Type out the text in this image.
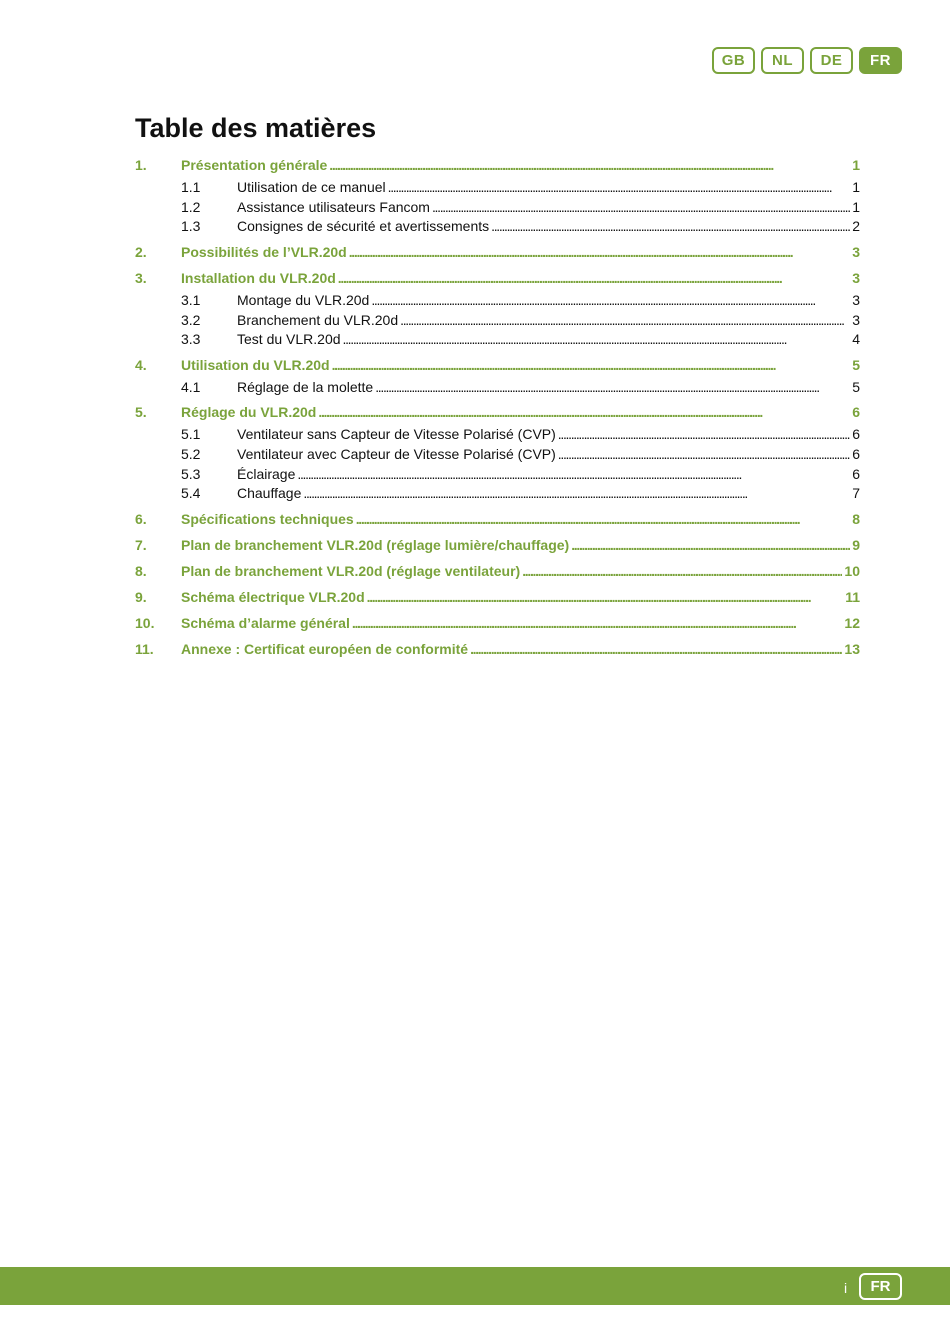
GB	NL	DE	FR
Table des matières
1.	Présentation générale . . .	1
1.1	Utilisation de ce manuel . . .	1
1.2	Assistance utilisateurs Fancom . . .	1
1.3	Consignes de sécurité et avertissements . . .	2
2.	Possibilités de l’VLR.20d . . .	3
3.	Installation du VLR.20d . . .	3
3.1	Montage du VLR.20d . . .	3
3.2	Branchement du VLR.20d . . .	3
3.3	Test du VLR.20d . . .	4
4.	Utilisation du VLR.20d . . .	5
4.1	Réglage de la molette . . .	5
5.	Réglage du VLR.20d . . .	6
5.1	Ventilateur sans Capteur de Vitesse Polarisé (CVP) . . .	6
5.2	Ventilateur avec Capteur de Vitesse Polarisé (CVP) . . .	6
5.3	Éclairage . . .	6
5.4	Chauffage . . .	7
6.	Spécifications techniques . . .	8
7.	Plan de branchement VLR.20d (réglage lumière/chauffage) . . .	9
8.	Plan de branchement VLR.20d (réglage ventilateur) . . .	10
9.	Schéma électrique VLR.20d . . .	11
10.	Schéma d’alarme général . . .	12
11.	Annexe : Certificat européen de conformité . . .	13
i	FR
